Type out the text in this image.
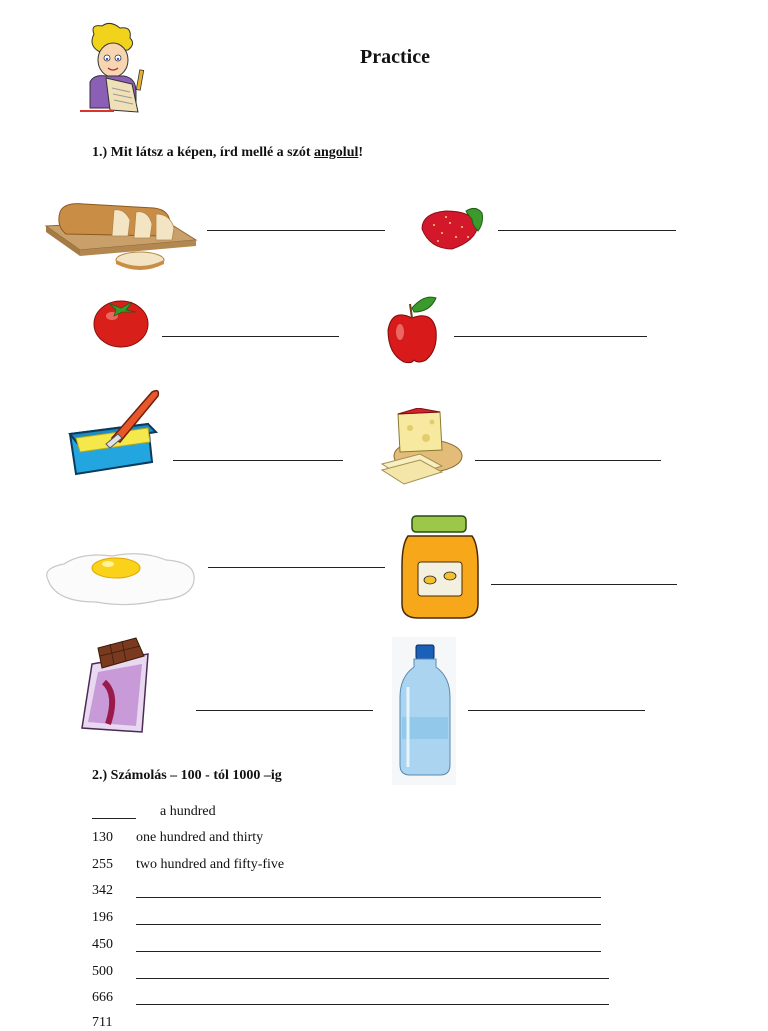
Practice
1.) Mit látsz a képen, írd mellé a szót angolul!
2.) Számolás – 100 - tól 1000 –ig
a hundred
130 one hundred and thirty
255 two hundred and fifty-five
342
196
450
500
666
711
